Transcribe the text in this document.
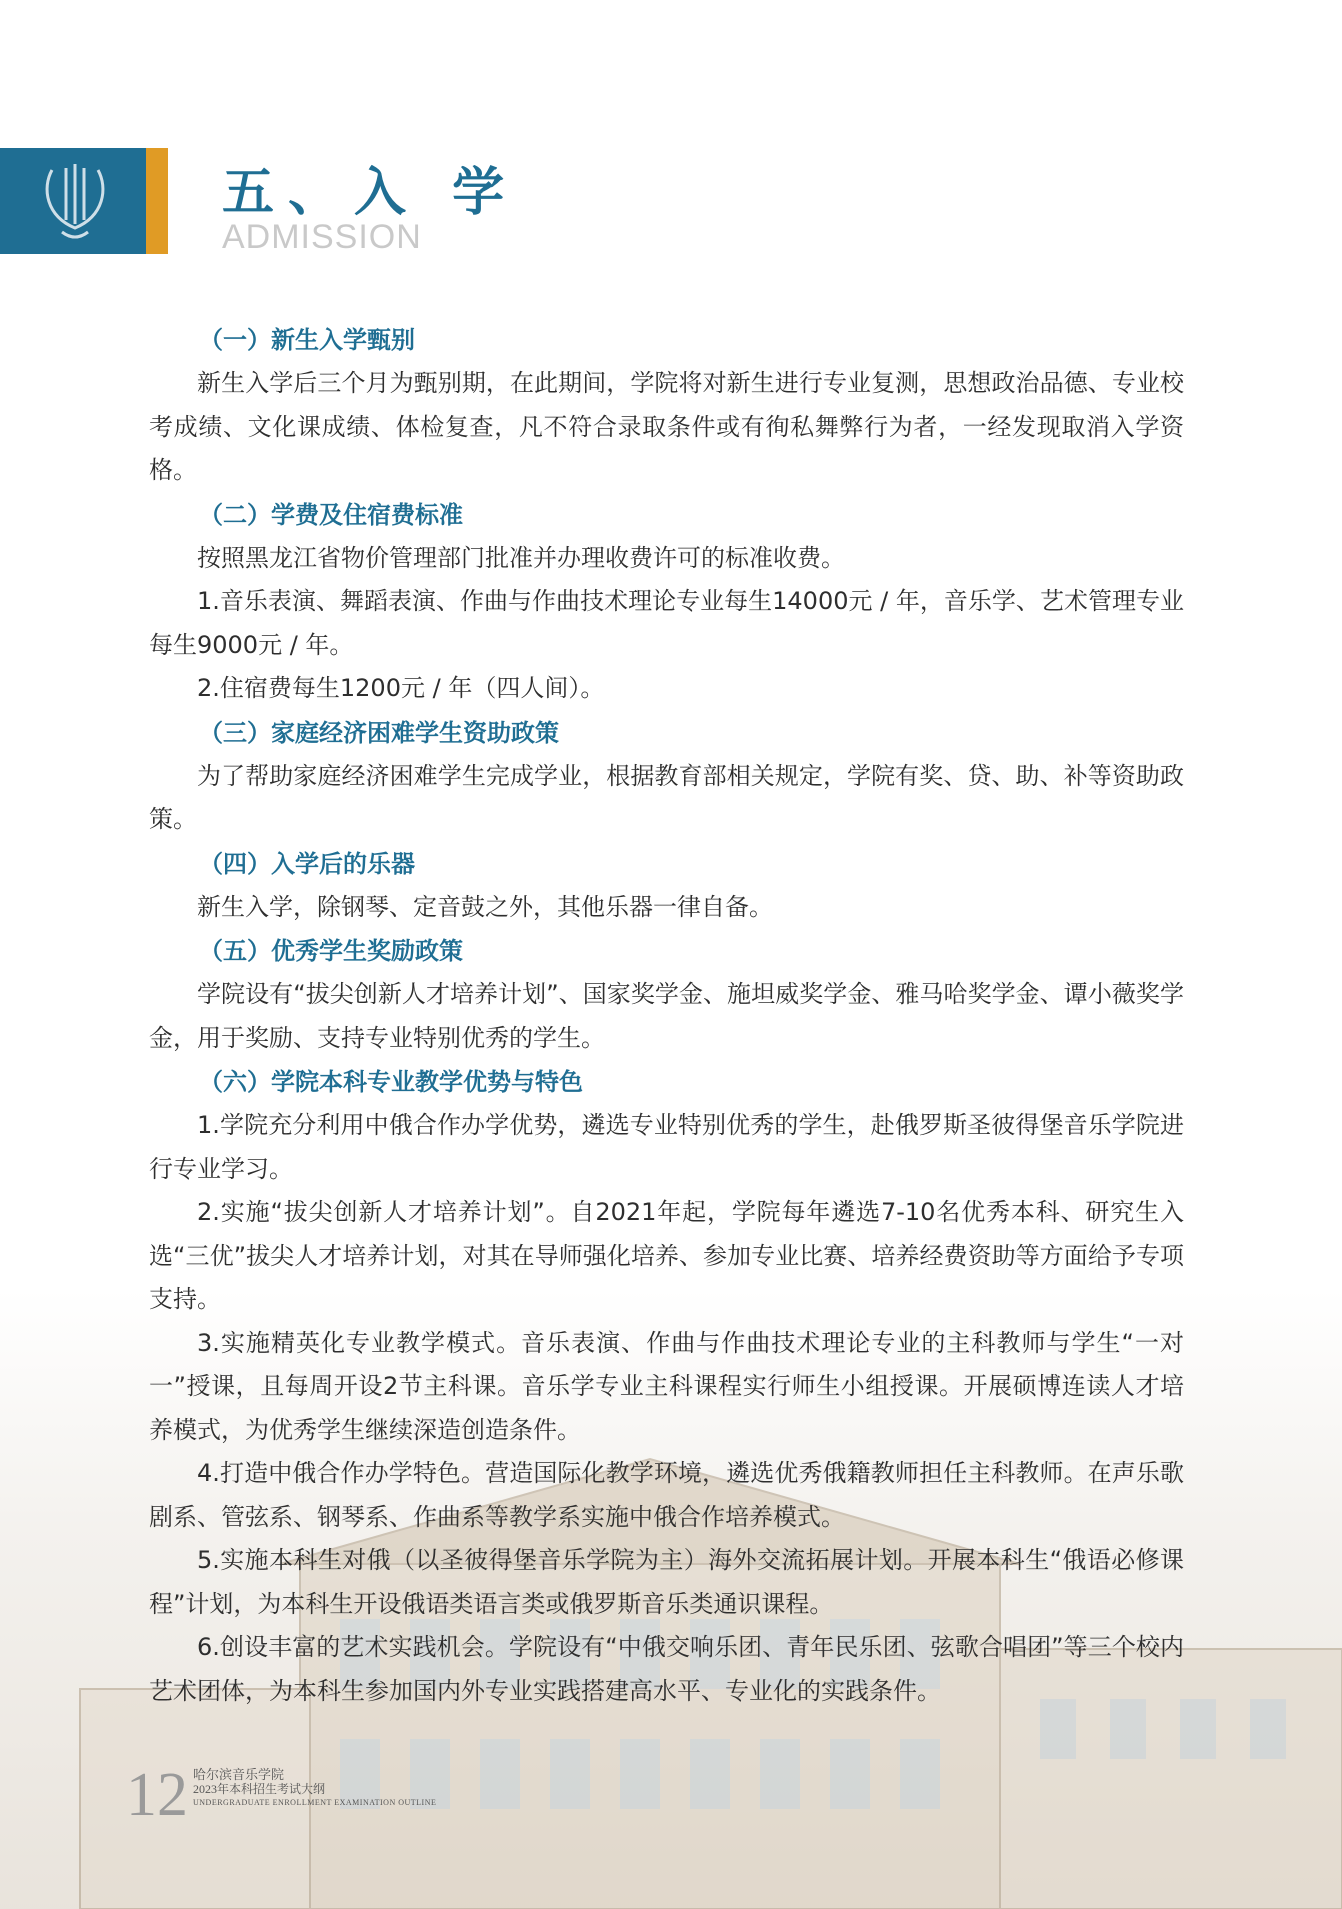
五、入 学
ADMISSION
（一）新生入学甄别

新生入学后三个月为甄别期，在此期间，学院将对新生进行专业复测，思想政治品德、专业校考成绩、文化课成绩、体检复查，凡不符合录取条件或有徇私舞弊行为者，一经发现取消入学资格。

（二）学费及住宿费标准

按照黑龙江省物价管理部门批准并办理收费许可的标准收费。

1.音乐表演、舞蹈表演、作曲与作曲技术理论专业每生14000元 / 年，音乐学、艺术管理专业每生9000元 / 年。

2.住宿费每生1200元 / 年（四人间）。

（三）家庭经济困难学生资助政策

为了帮助家庭经济困难学生完成学业，根据教育部相关规定，学院有奖、贷、助、补等资助政策。

（四）入学后的乐器

新生入学，除钢琴、定音鼓之外，其他乐器一律自备。

（五）优秀学生奖励政策

学院设有“拔尖创新人才培养计划”、国家奖学金、施坦威奖学金、雅马哈奖学金、谭小薇奖学金，用于奖励、支持专业特别优秀的学生。

（六）学院本科专业教学优势与特色

1.学院充分利用中俄合作办学优势，遴选专业特别优秀的学生，赴俄罗斯圣彼得堡音乐学院进行专业学习。

2.实施“拔尖创新人才培养计划”。自2021年起，学院每年遴选7-10名优秀本科、研究生入选“三优”拔尖人才培养计划，对其在导师强化培养、参加专业比赛、培养经费资助等方面给予专项支持。

3.实施精英化专业教学模式。音乐表演、作曲与作曲技术理论专业的主科教师与学生“一对一”授课，且每周开设2节主科课。音乐学专业主科课程实行师生小组授课。开展硕博连读人才培养模式，为优秀学生继续深造创造条件。

4.打造中俄合作办学特色。营造国际化教学环境，遴选优秀俄籍教师担任主科教师。在声乐歌剧系、管弦系、钢琴系、作曲系等教学系实施中俄合作培养模式。

5.实施本科生对俄（以圣彼得堡音乐学院为主）海外交流拓展计划。开展本科生“俄语必修课程”计划，为本科生开设俄语类语言类或俄罗斯音乐类通识课程。

6.创设丰富的艺术实践机会。学院设有“中俄交响乐团、青年民乐团、弦歌合唱团”等三个校内艺术团体，为本科生参加国内外专业实践搭建高水平、专业化的实践条件。

12 哈尔滨音乐学院
2023年本科招生考试大纲
UNDERGRADUATE ENROLLMENT EXAMINATION OUTLINE
